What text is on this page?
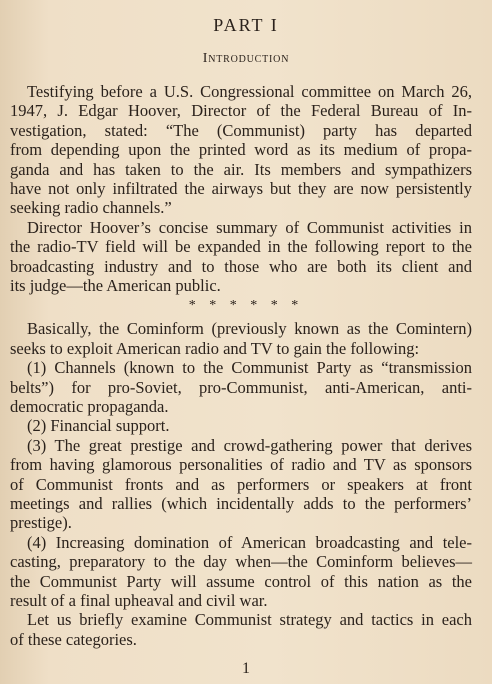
PART I
Introduction
Testifying before a U.S. Congressional committee on March 26,
1947, J. Edgar Hoover, Director of the Federal Bureau of In-
vestigation, stated: “The (Communist) party has departed
from depending upon the printed word as its medium of propa-
ganda and has taken to the air. Its members and sympathizers
have not only infiltrated the airways but they are now persistently
seeking radio channels.”
Director Hoover’s concise summary of Communist activities in
the radio-TV field will be expanded in the following report to the
broadcasting industry and to those who are both its client and
its judge—the American public.
* * * * * *
Basically, the Cominform (previously known as the Comintern)
seeks to exploit American radio and TV to gain the following:
(1) Channels (known to the Communist Party as “transmission
belts”) for pro-Soviet, pro-Communist, anti-American, anti-
democratic propaganda.
(2) Financial support.
(3) The great prestige and crowd-gathering power that derives
from having glamorous personalities of radio and TV as sponsors
of Communist fronts and as performers or speakers at front
meetings and rallies (which incidentally adds to the performers’
prestige).
(4) Increasing domination of American broadcasting and tele-
casting, preparatory to the day when—the Cominform believes—
the Communist Party will assume control of this nation as the
result of a final upheaval and civil war.
1
Let us briefly examine Communist strategy and tactics in each
of these categories.
